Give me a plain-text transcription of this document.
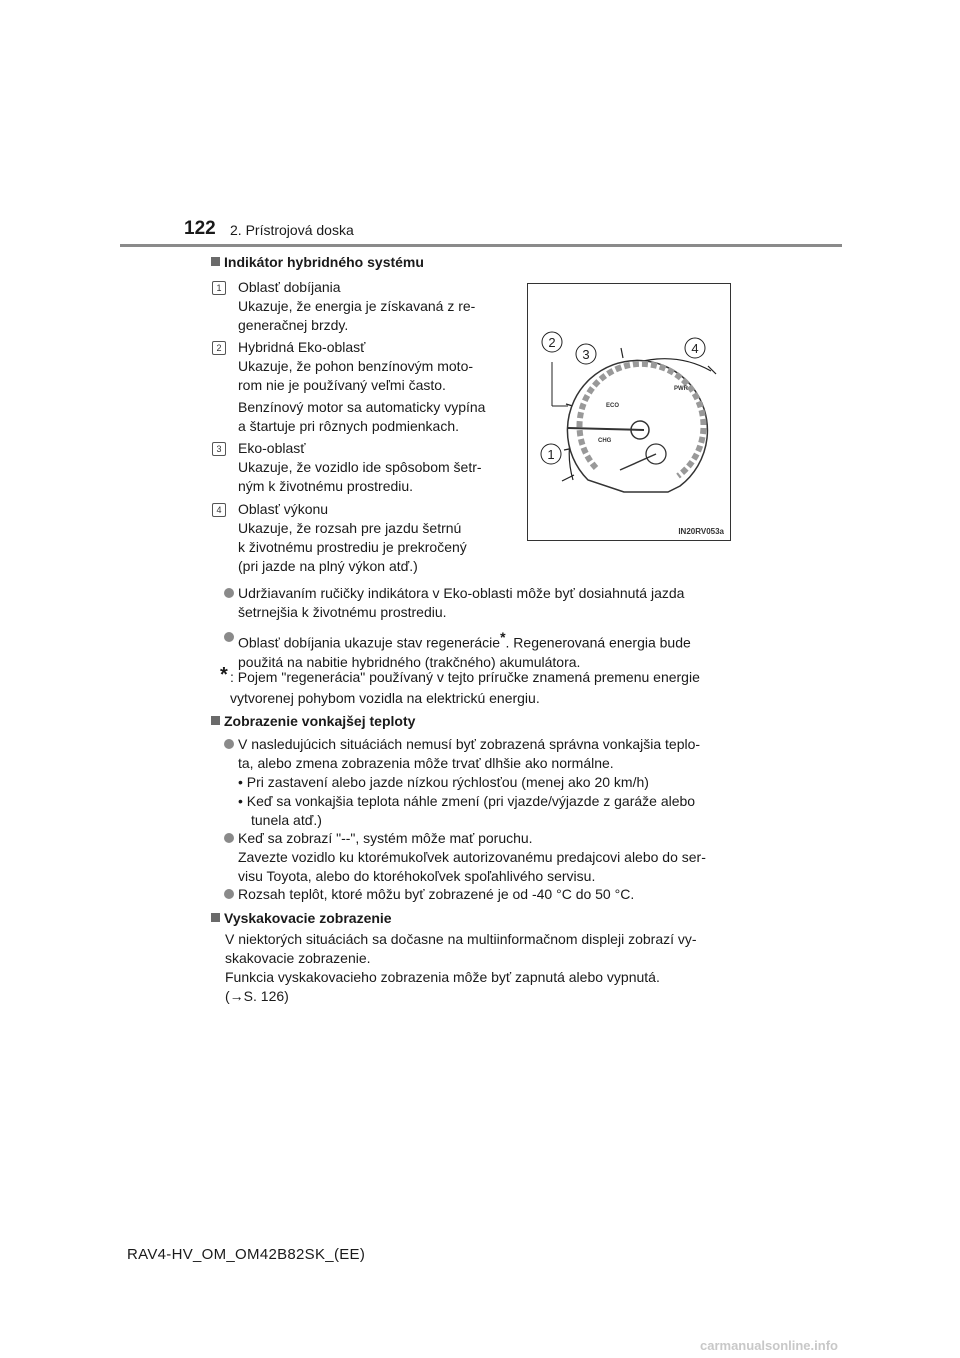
122 2. Prístrojová doska
Indikátor hybridného systému
1	Oblasť dobíjania
Ukazuje, že energia je získavaná z re-
generačnej brzdy.
2	Hybridná Eko-oblasť
Ukazuje, že pohon benzínovým moto-
rom nie je používaný veľmi často.
Benzínový motor sa automaticky vypína
a štartuje pri rôznych podmienkach.
3	Eko-oblasť
Ukazuje, že vozidlo ide spôsobom šetr-
ným k životnému prostrediu.
4	Oblasť výkonu
Ukazuje, že rozsah pre jazdu šetrnú
k životnému prostrediu je prekročený
(pri jazde na plný výkon atď.)
ECO
PWR
CHG
2
3	4
1
IN20RV053a
Udržiavaním ručičky indikátora v Eko-oblasti môže byť dosiahnutá jazda
šetrnejšia k životnému prostrediu.
Oblasť dobíjania ukazuje stav regenerácie*. Regenerovaná energia bude
použitá na nabitie hybridného (trakčného) akumulátora.
* : Pojem "regenerácia" používaný v tejto príručke znamená premenu energie
vytvorenej pohybom vozidla na elektrickú energiu.
Zobrazenie vonkajšej teploty
V nasledujúcich situáciách nemusí byť zobrazená správna vonkajšia teplo-
ta, alebo zmena zobrazenia môže trvať dlhšie ako normálne.
• Pri zastavení alebo jazde nízkou rýchlosťou (menej ako 20 km/h)
• Keď sa vonkajšia teplota náhle zmení (pri vjazde/výjazde z garáže alebo
tunela atď.)
Keď sa zobrazí "--", systém môže mať poruchu.
Zavezte vozidlo ku ktorémukoľvek autorizovanému predajcovi alebo do ser-
visu Toyota, alebo do ktoréhokoľvek spoľahlivého servisu.
Rozsah teplôt, ktoré môžu byť zobrazené je od -40 °C do 50 °C.
Vyskakovacie zobrazenie
V niektorých situáciách sa dočasne na multiinformačnom displeji zobrazí vy-
skakovacie zobrazenie.
Funkcia vyskakovacieho zobrazenia môže byť zapnutá alebo vypnutá.
(→S. 126)
RAV4-HV_OM_OM42B82SK_(EE)
carmanualsonline.info
